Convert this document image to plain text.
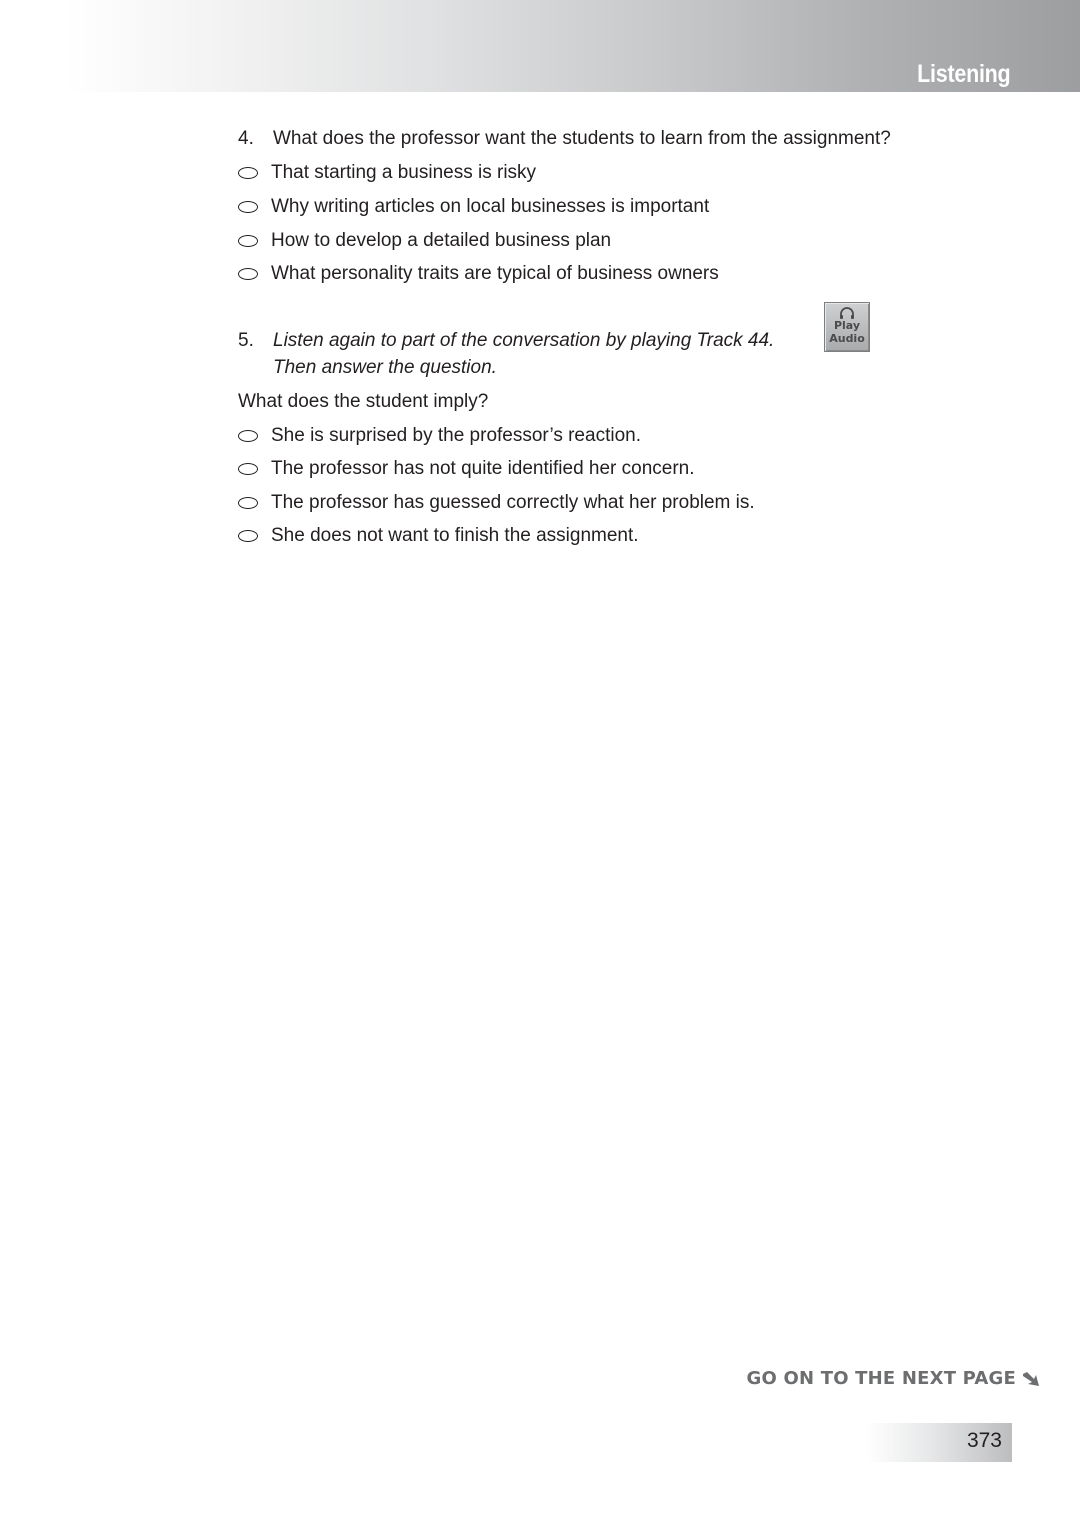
Listening
4.	What does the professor want the students to learn from the assignment?
That starting a business is risky
Why writing articles on local businesses is important
How to develop a detailed business plan
What personality traits are typical of business owners
5.	Listen again to part of the conversation by playing Track 44.
Then answer the question.
What does the student imply?
She is surprised by the professor’s reaction.
The professor has not quite identified her concern.
The professor has guessed correctly what her problem is.
She does not want to finish the assignment.
Play
Audio
GO ON TO THE NEXT PAGE
373
